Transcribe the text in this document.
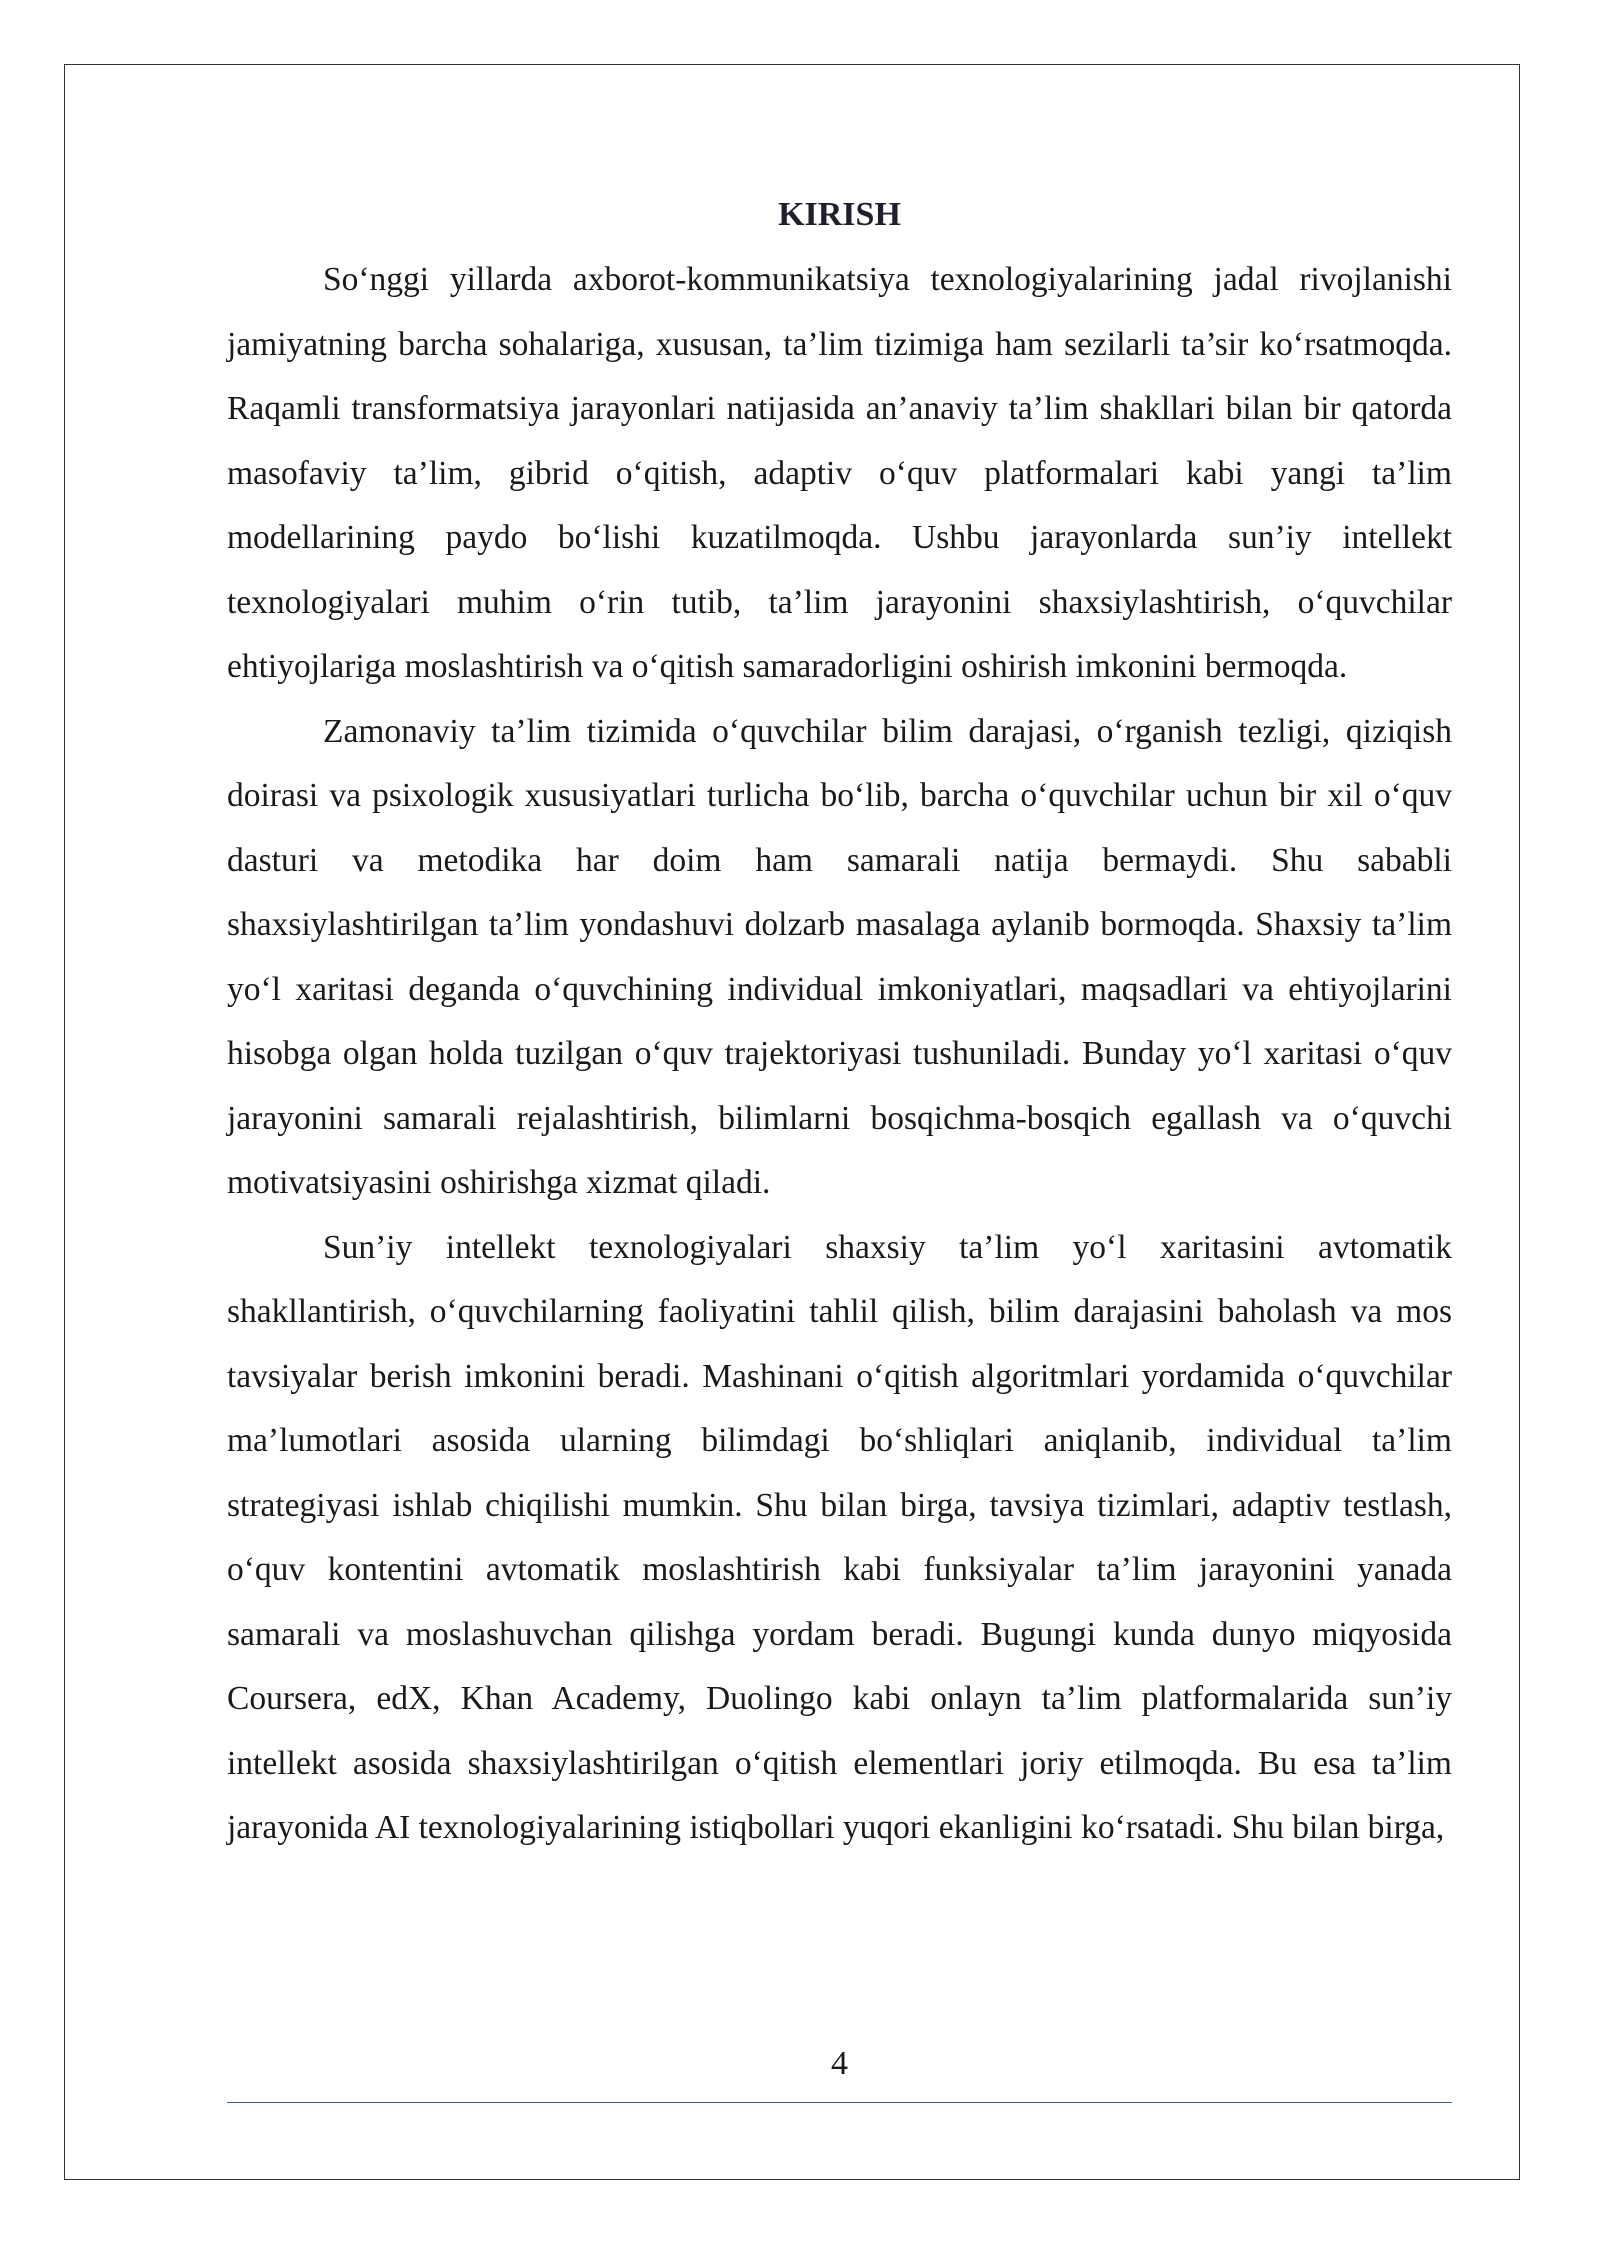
KIRISH

So‘nggi yillarda axborot-kommunikatsiya texnologiyalarining jadal rivojlanishi jamiyatning barcha sohalariga, xususan, ta’lim tizimiga ham sezilarli ta’sir ko‘rsatmoqda. Raqamli transformatsiya jarayonlari natijasida an’anaviy ta’lim shakllari bilan bir qatorda masofaviy ta’lim, gibrid o‘qitish, adaptiv o‘quv platformalari kabi yangi ta’lim modellarining paydo bo‘lishi kuzatilmoqda. Ushbu jarayonlarda sun’iy intellekt texnologiyalari muhim o‘rin tutib, ta’lim jarayonini shaxsiylashtirish, o‘quvchilar ehtiyojlariga moslashtirish va o‘qitish samaradorligini oshirish imkonini bermoqda.

Zamonaviy ta’lim tizimida o‘quvchilar bilim darajasi, o‘rganish tezligi, qiziqish doirasi va psixologik xususiyatlari turlicha bo‘lib, barcha o‘quvchilar uchun bir xil o‘quv dasturi va metodika har doim ham samarali natija bermaydi. Shu sababli shaxsiylashtirilgan ta’lim yondashuvi dolzarb masalaga aylanib bormoqda. Shaxsiy ta’lim yo‘l xaritasi deganda o‘quvchining individual imkoniyatlari, maqsadlari va ehtiyojlarini hisobga olgan holda tuzilgan o‘quv trajektoriyasi tushuniladi. Bunday yo‘l xaritasi o‘quv jarayonini samarali rejalashtirish, bilimlarni bosqichma-bosqich egallash va o‘quvchi motivatsiyasini oshirishga xizmat qiladi.

Sun’iy intellekt texnologiyalari shaxsiy ta’lim yo‘l xaritasini avtomatik shakllantirish, o‘quvchilarning faoliyatini tahlil qilish, bilim darajasini baholash va mos tavsiyalar berish imkonini beradi. Mashinani o‘qitish algoritmlari yordamida o‘quvchilar ma’lumotlari asosida ularning bilimdagi bo‘shliqlari aniqlanib, individual ta’lim strategiyasi ishlab chiqilishi mumkin. Shu bilan birga, tavsiya tizimlari, adaptiv testlash, o‘quv kontentini avtomatik moslashtirish kabi funksiyalar ta’lim jarayonini yanada samarali va moslashuvchan qilishga yordam beradi. Bugungi kunda dunyo miqyosida Coursera, edX, Khan Academy, Duolingo kabi onlayn ta’lim platformalarida sun’iy intellekt asosida shaxsiylashtirilgan o‘qitish elementlari joriy etilmoqda. Bu esa ta’lim jarayonida AI texnologiyalarining istiqbollari yuqori ekanligini ko‘rsatadi. Shu bilan birga,

4
